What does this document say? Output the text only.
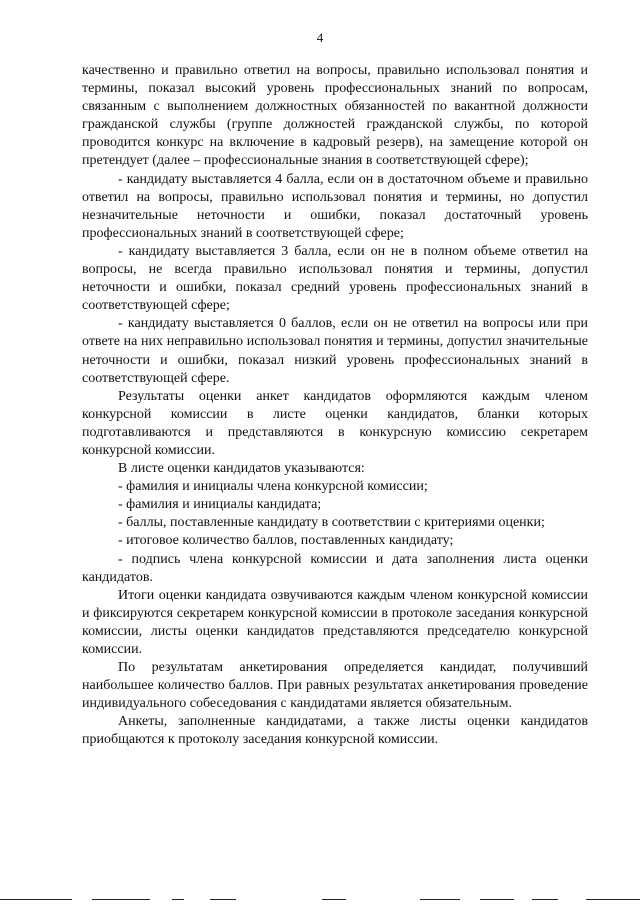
4

качественно и правильно ответил на вопросы, правильно использовал понятия и термины, показал высокий уровень профессиональных знаний по вопросам, связанным с выполнением должностных обязанностей по вакантной должности гражданской службы (группе должностей гражданской службы, по которой проводится конкурс на включение в кадровый резерв), на замещение которой он претендует (далее – профессиональные знания в соответствующей сфере);

- кандидату выставляется 4 балла, если он в достаточном объеме и правильно ответил на вопросы, правильно использовал понятия и термины, но допустил незначительные неточности и ошибки, показал достаточный уровень профессиональных знаний в соответствующей сфере;

- кандидату выставляется 3 балла, если он не в полном объеме ответил на вопросы, не всегда правильно использовал понятия и термины, допустил неточности и ошибки, показал средний уровень профессиональных знаний в соответствующей сфере;

- кандидату выставляется 0 баллов, если он не ответил на вопросы или при ответе на них неправильно использовал понятия и термины, допустил значительные неточности и ошибки, показал низкий уровень профессиональных знаний в соответствующей сфере.

Результаты оценки анкет кандидатов оформляются каждым членом конкурсной комиссии в листе оценки кандидатов, бланки которых подготавливаются и представляются в конкурсную комиссию секретарем конкурсной комиссии.

В листе оценки кандидатов указываются:

- фамилия и инициалы члена конкурсной комиссии;

- фамилия и инициалы кандидата;

- баллы, поставленные кандидату в соответствии с критериями оценки;

- итоговое количество баллов, поставленных кандидату;

- подпись члена конкурсной комиссии и дата заполнения листа оценки кандидатов.

Итоги оценки кандидата озвучиваются каждым членом конкурсной комиссии и фиксируются секретарем конкурсной комиссии в протоколе заседания конкурсной комиссии, листы оценки кандидатов представляются председателю конкурсной комиссии.

По результатам анкетирования определяется кандидат, получивший наибольшее количество баллов. При равных результатах анкетирования проведение индивидуального собеседования с кандидатами является обязательным.

Анкеты, заполненные кандидатами, а также листы оценки кандидатов приобщаются к протоколу заседания конкурсной комиссии.
